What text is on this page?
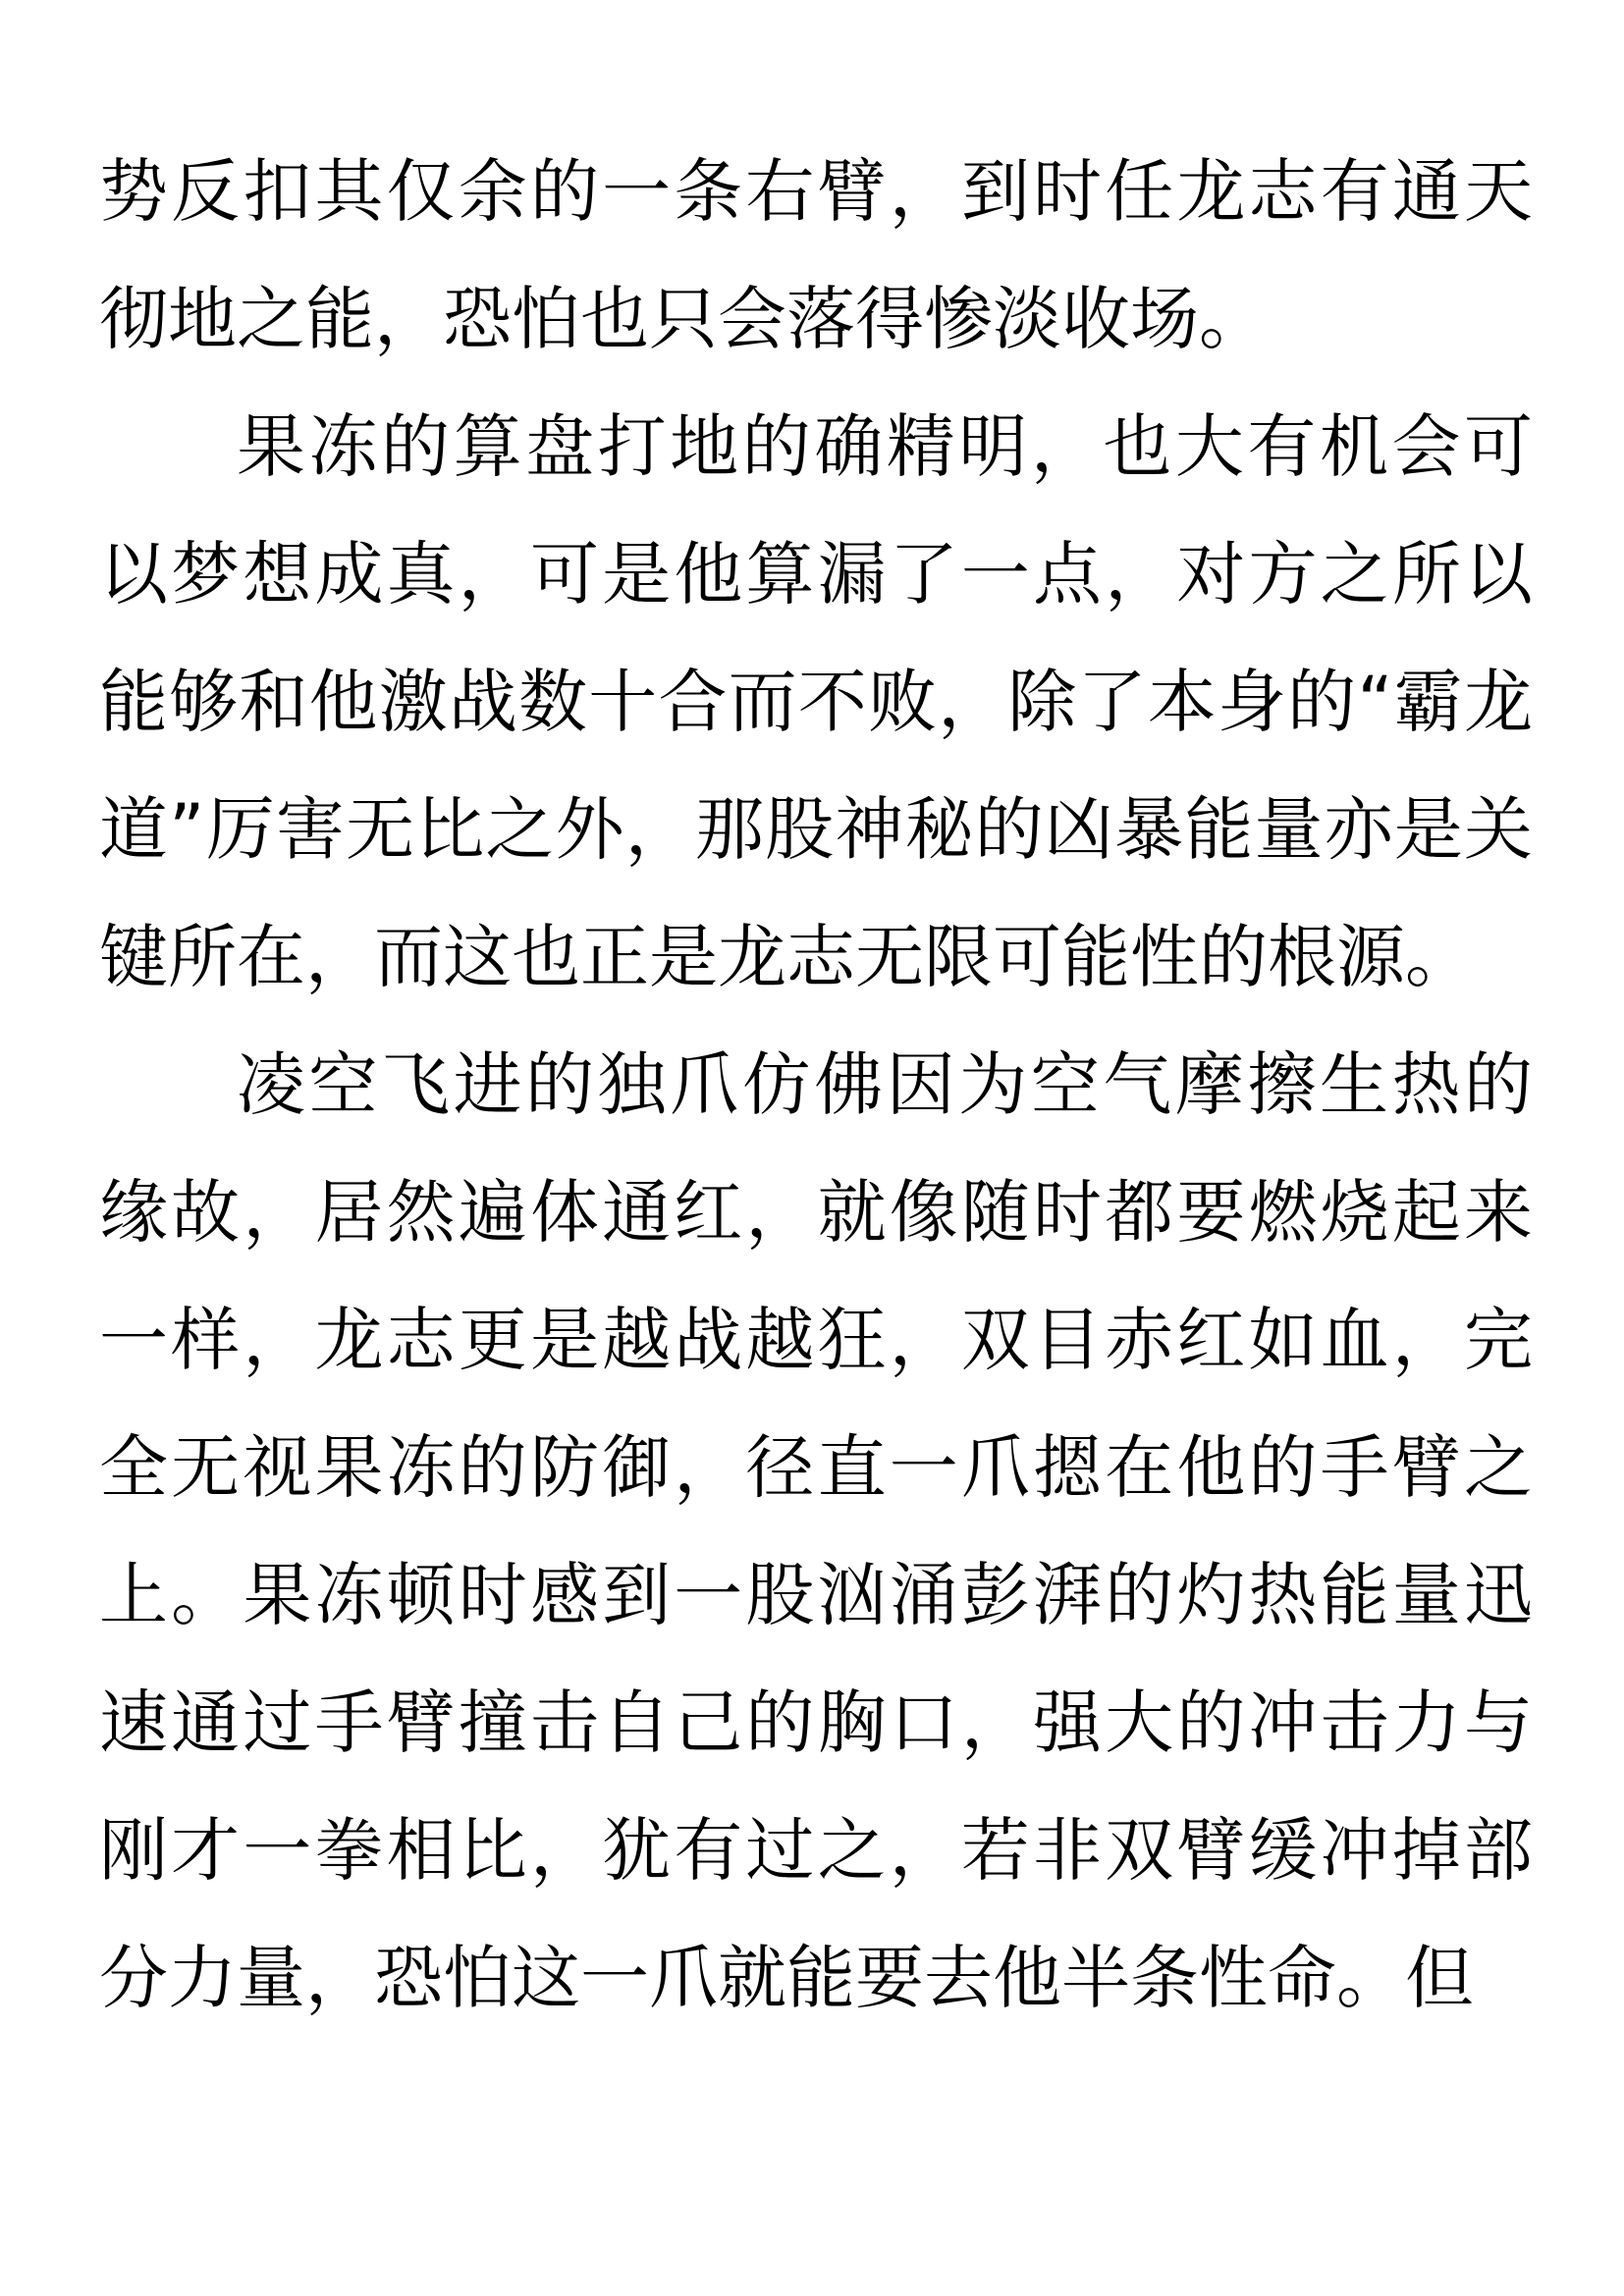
势反扣其仅余的一条右臂，到时任龙志有通天彻地之能，恐怕也只会落得惨淡收场。

果冻的算盘打地的确精明，也大有机会可以梦想成真，可是他算漏了一点，对方之所以能够和他激战数十合而不败，除了本身的“霸龙道”厉害无比之外，那股神秘的凶暴能量亦是关键所在，而这也正是龙志无限可能性的根源。

凌空飞进的独爪仿佛因为空气摩擦生热的缘故，居然遍体通红，就像随时都要燃烧起来一样，龙志更是越战越狂，双目赤红如血，完全无视果冻的防御，径直一爪摁在他的手臂之上。果冻顿时感到一股汹涌彭湃的灼热能量迅速通过手臂撞击自己的胸口，强大的冲击力与刚才一拳相比，犹有过之，若非双臂缓冲掉部分力量，恐怕这一爪就能要去他半条性命。但
